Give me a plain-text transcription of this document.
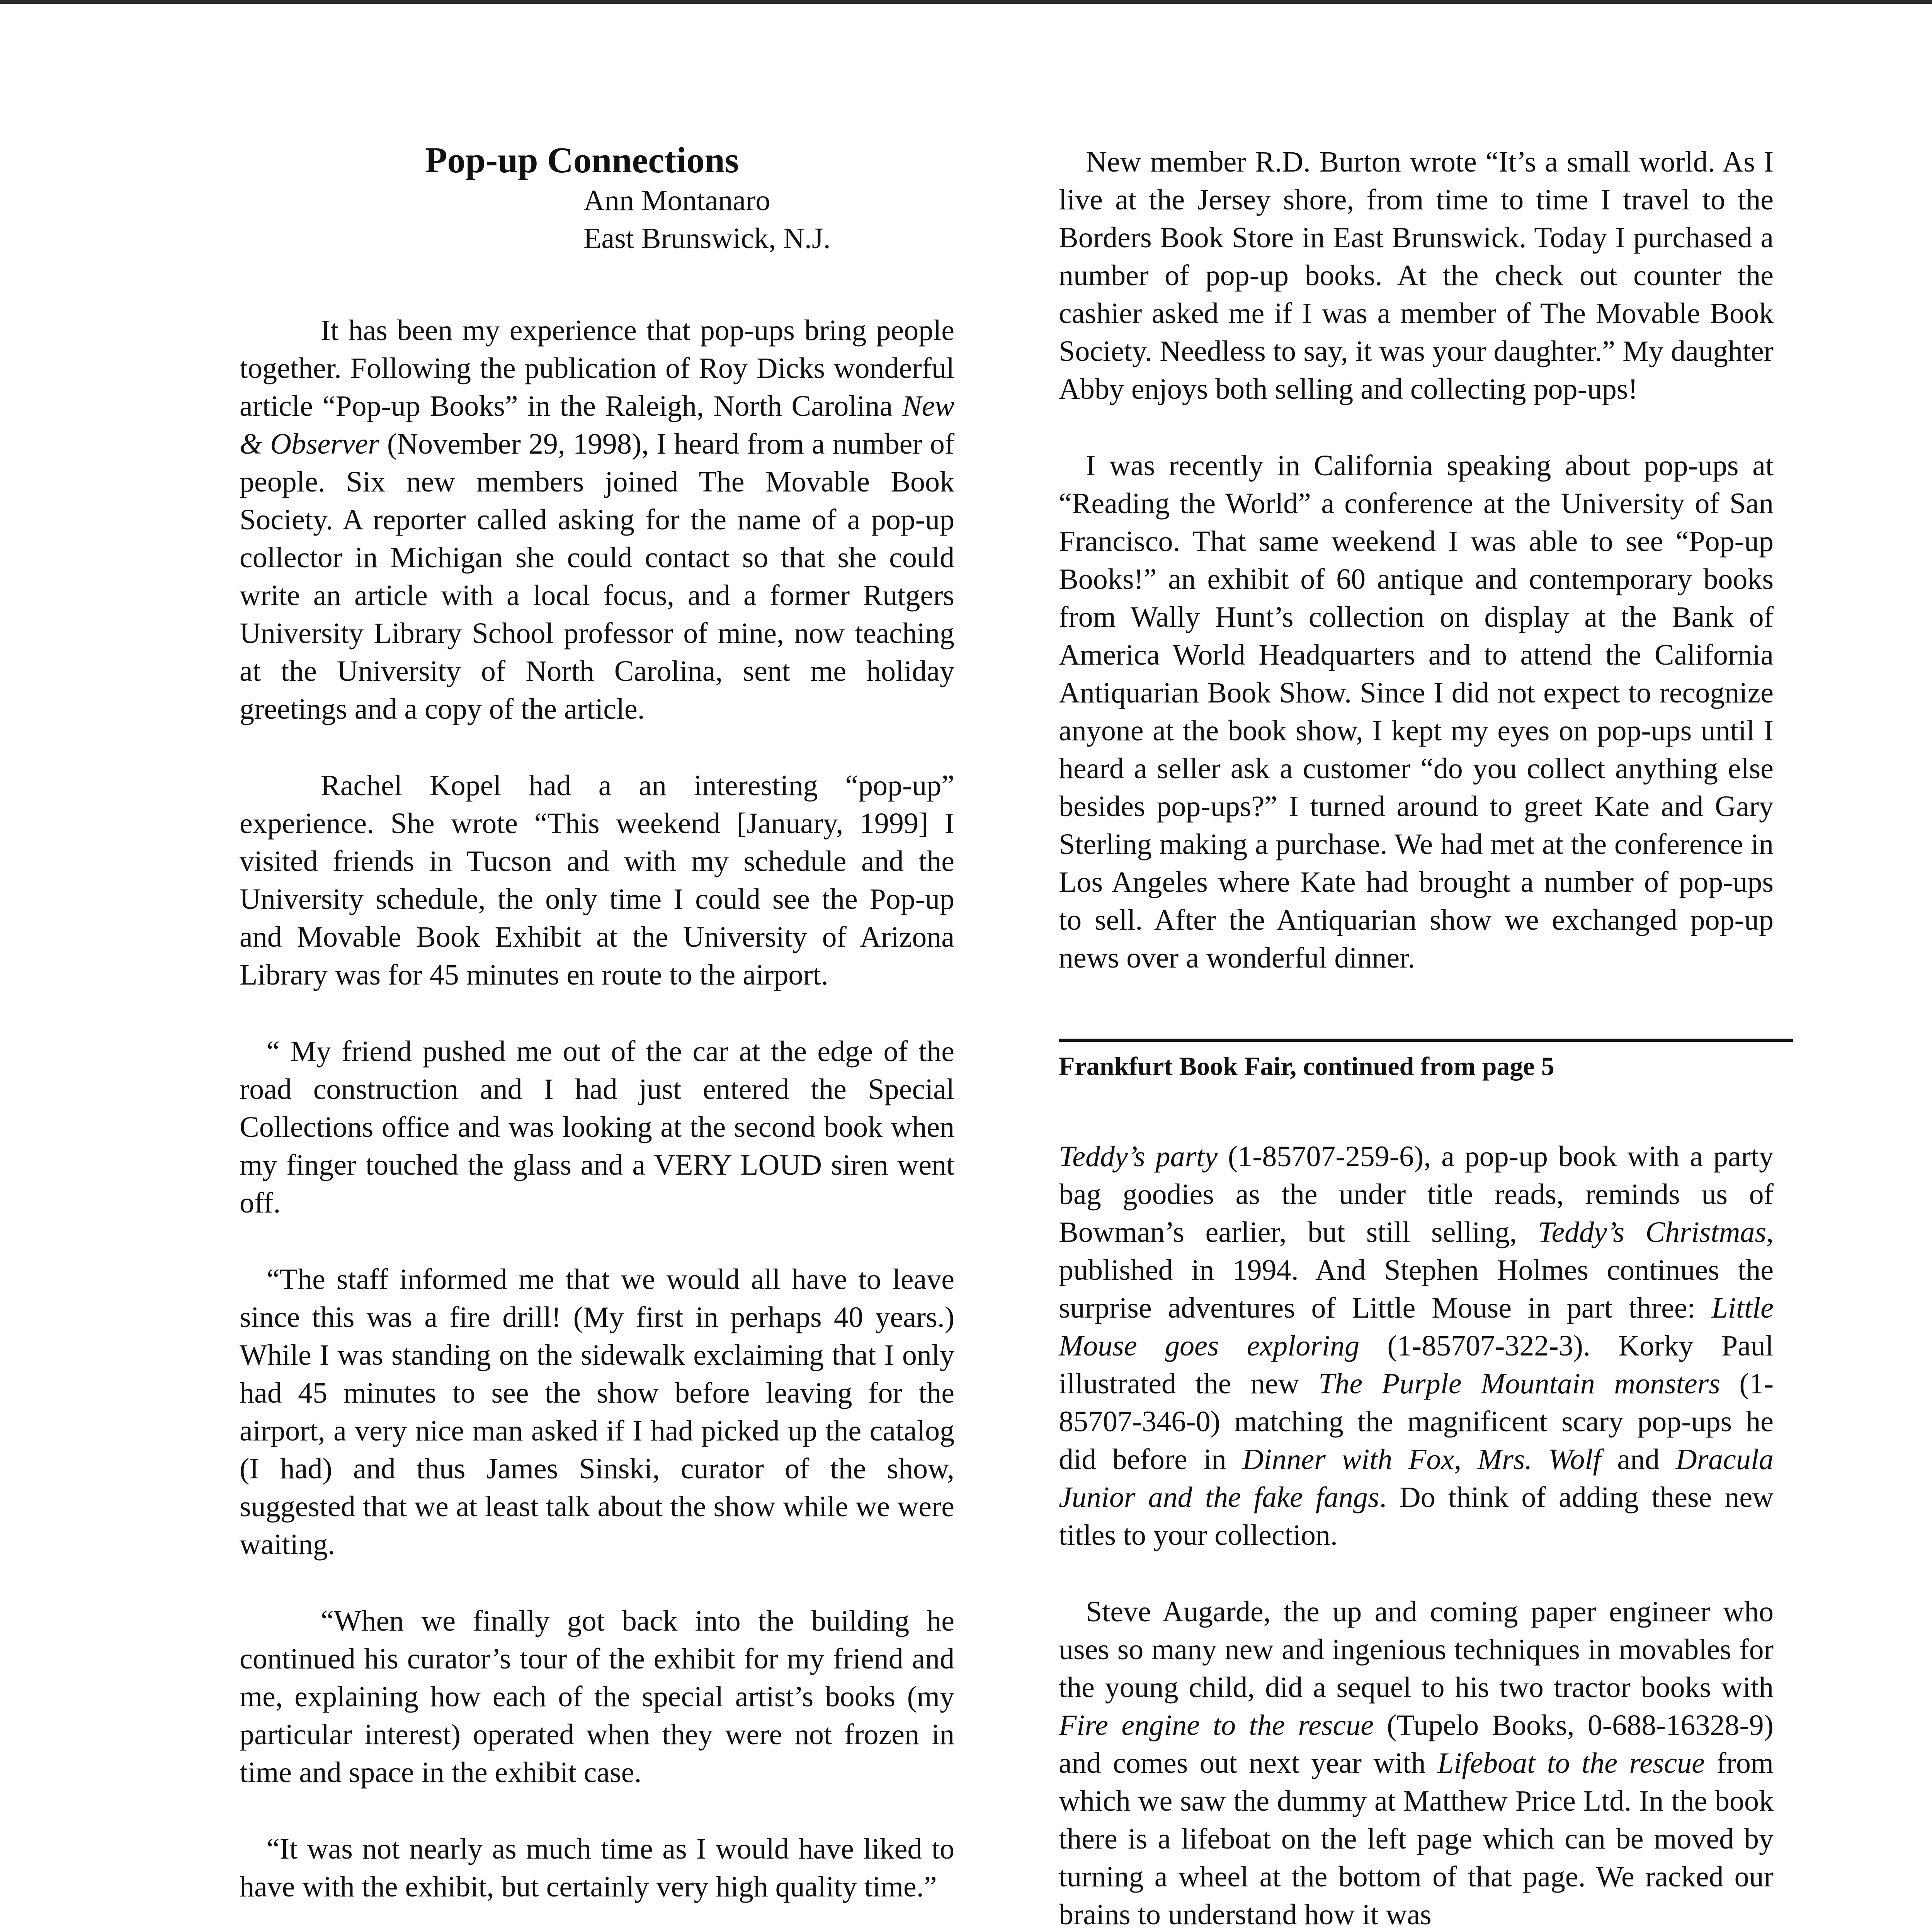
Pop-up Connections
Ann Montanaro
East Brunswick, N.J.

It has been my experience that pop-ups bring people together. Following the publication of Roy Dicks wonderful article “Pop-up Books” in the Raleigh, North Carolina New & Observer (November 29, 1998), I heard from a number of people. Six new members joined The Movable Book Society. A reporter called asking for the name of a pop-up collector in Michigan she could contact so that she could write an article with a local focus, and a former Rutgers University Library School professor of mine, now teaching at the University of North Carolina, sent me holiday greetings and a copy of the article.

Rachel Kopel had a an interesting “pop-up” experience. She wrote “This weekend [January, 1999] I visited friends in Tucson and with my schedule and the University schedule, the only time I could see the Pop-up and Movable Book Exhibit at the University of Arizona Library was for 45 minutes en route to the airport.

“ My friend pushed me out of the car at the edge of the road construction and I had just entered the Special Collections office and was looking at the second book when my finger touched the glass and a VERY LOUD siren went off.

“The staff informed me that we would all have to leave since this was a fire drill! (My first in perhaps 40 years.) While I was standing on the sidewalk exclaiming that I only had 45 minutes to see the show before leaving for the airport, a very nice man asked if I had picked up the catalog (I had) and thus James Sinski, curator of the show, suggested that we at least talk about the show while we were waiting.

“When we finally got back into the building he continued his curator’s tour of the exhibit for my friend and me, explaining how each of the special artist’s books (my particular interest) operated when they were not frozen in time and space in the exhibit case.

“It was not nearly as much time as I would have liked to have with the exhibit, but certainly very high quality time.”

New member R.D. Burton wrote “It’s a small world. As I live at the Jersey shore, from time to time I travel to the Borders Book Store in East Brunswick. Today I purchased a number of pop-up books. At the check out counter the cashier asked me if I was a member of The Movable Book Society. Needless to say, it was your daughter.” My daughter Abby enjoys both selling and collecting pop-ups!

I was recently in California speaking about pop-ups at “Reading the World” a conference at the University of San Francisco. That same weekend I was able to see “Pop-up Books!” an exhibit of 60 antique and contemporary books from Wally Hunt’s collection on display at the Bank of America World Headquarters and to attend the California Antiquarian Book Show. Since I did not expect to recognize anyone at the book show, I kept my eyes on pop-ups until I heard a seller ask a customer “do you collect anything else besides pop-ups?” I turned around to greet Kate and Gary Sterling making a purchase. We had met at the conference in Los Angeles where Kate had brought a number of pop-ups to sell. After the Antiquarian show we exchanged pop-up news over a wonderful dinner.

Frankfurt Book Fair, continued from page 5

Teddy’s party (1-85707-259-6), a pop-up book with a party bag goodies as the under title reads, reminds us of Bowman’s earlier, but still selling, Teddy’s Christmas, published in 1994. And Stephen Holmes continues the surprise adventures of Little Mouse in part three: Little Mouse goes exploring (1-85707-322-3). Korky Paul illustrated the new The Purple Mountain monsters (1-85707-346-0) matching the magnificent scary pop-ups he did before in Dinner with Fox, Mrs. Wolf and Dracula Junior and the fake fangs. Do think of adding these new titles to your collection.

Steve Augarde, the up and coming paper engineer who uses so many new and ingenious techniques in movables for the young child, did a sequel to his two tractor books with Fire engine to the rescue (Tupelo Books, 0-688-16328-9) and comes out next year with Lifeboat to the rescue from which we saw the dummy at Matthew Price Ltd. In the book there is a lifeboat on the left page which can be moved by turning a wheel at the bottom of that page. We racked our brains to understand how it was
